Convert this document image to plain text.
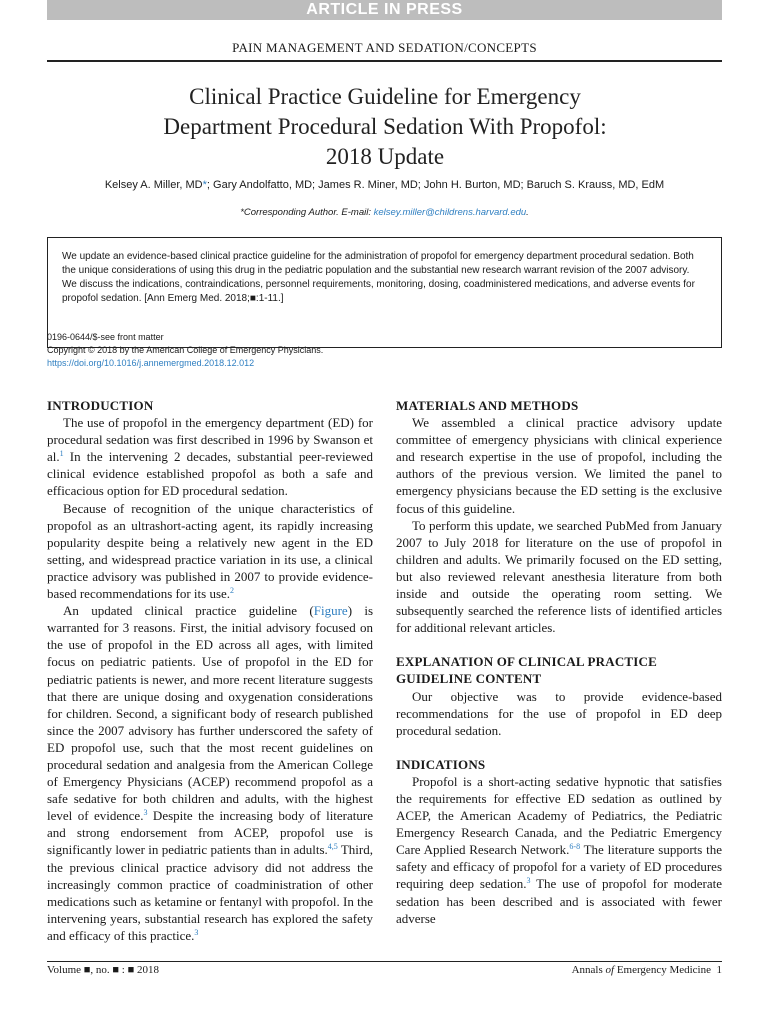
ARTICLE IN PRESS
PAIN MANAGEMENT AND SEDATION/CONCEPTS
Clinical Practice Guideline for Emergency
Department Procedural Sedation With Propofol:
2018 Update
Kelsey A. Miller, MD*; Gary Andolfatto, MD; James R. Miner, MD; John H. Burton, MD; Baruch S. Krauss, MD, EdM
*Corresponding Author. E-mail: kelsey.miller@childrens.harvard.edu.
We update an evidence-based clinical practice guideline for the administration of propofol for emergency department procedural sedation. Both the unique considerations of using this drug in the pediatric population and the substantial new research warrant revision of the 2007 advisory. We discuss the indications, contraindications, personnel requirements, monitoring, dosing, coadministered medications, and adverse events for propofol sedation. [Ann Emerg Med. 2018;■:1-11.]
0196-0644/$-see front matter
Copyright © 2018 by the American College of Emergency Physicians.
https://doi.org/10.1016/j.annemergmed.2018.12.012
INTRODUCTION

The use of propofol in the emergency department (ED) for procedural sedation was first described in 1996 by Swanson et al.$^1$ In the intervening 2 decades, substantial peer-reviewed clinical evidence established propofol as both a safe and efficacious option for ED procedural sedation.

Because of recognition of the unique characteristics of propofol as an ultrashort-acting agent, its rapidly increasing popularity despite being a relatively new agent in the ED setting, and widespread practice variation in its use, a clinical practice advisory was published in 2007 to provide evidence-based recommendations for its use.$^2$

An updated clinical practice guideline (Figure) is warranted for 3 reasons. First, the initial advisory focused on the use of propofol in the ED across all ages, with limited focus on pediatric patients. Use of propofol in the ED for pediatric patients is newer, and more recent literature suggests that there are unique dosing and oxygenation considerations for children. Second, a significant body of research published since the 2007 advisory has further underscored the safety of ED propofol use, such that the most recent guidelines on procedural sedation and analgesia from the American College of Emergency Physicians (ACEP) recommend propofol as a safe sedative for both children and adults, with the highest level of evidence.$^3$ Despite the increasing body of literature and strong endorsement from ACEP, propofol use is significantly lower in pediatric patients than in adults.$^{4,5}$ Third, the previous clinical practice advisory did not address the increasingly common practice of coadministration of other medications such as ketamine or fentanyl with propofol. In the intervening years, substantial research has explored the safety and efficacy of this practice.$^3$

MATERIALS AND METHODS

We assembled a clinical practice advisory update committee of emergency physicians with clinical experience and research expertise in the use of propofol, including the authors of the previous version. We limited the panel to emergency physicians because the ED setting is the exclusive focus of this guideline.

To perform this update, we searched PubMed from January 2007 to July 2018 for literature on the use of propofol in children and adults. We primarily focused on the ED setting, but also reviewed relevant anesthesia literature from both inside and outside the operating room setting. We subsequently searched the reference lists of identified articles for additional relevant articles.

EXPLANATION OF CLINICAL PRACTICE GUIDELINE CONTENT

Our objective was to provide evidence-based recommendations for the use of propofol in ED deep procedural sedation.

INDICATIONS

Propofol is a short-acting sedative hypnotic that satisfies the requirements for effective ED sedation as outlined by ACEP, the American Academy of Pediatrics, the Pediatric Emergency Research Canada, and the Pediatric Emergency Care Applied Research Network.$^{6-8}$ The literature supports the safety and efficacy of propofol for a variety of ED procedures requiring deep sedation.$^3$ The use of propofol for moderate sedation has been described and is associated with fewer adverse

Volume ■, no. ■ : ■ 2018	Annals of Emergency Medicine 1
